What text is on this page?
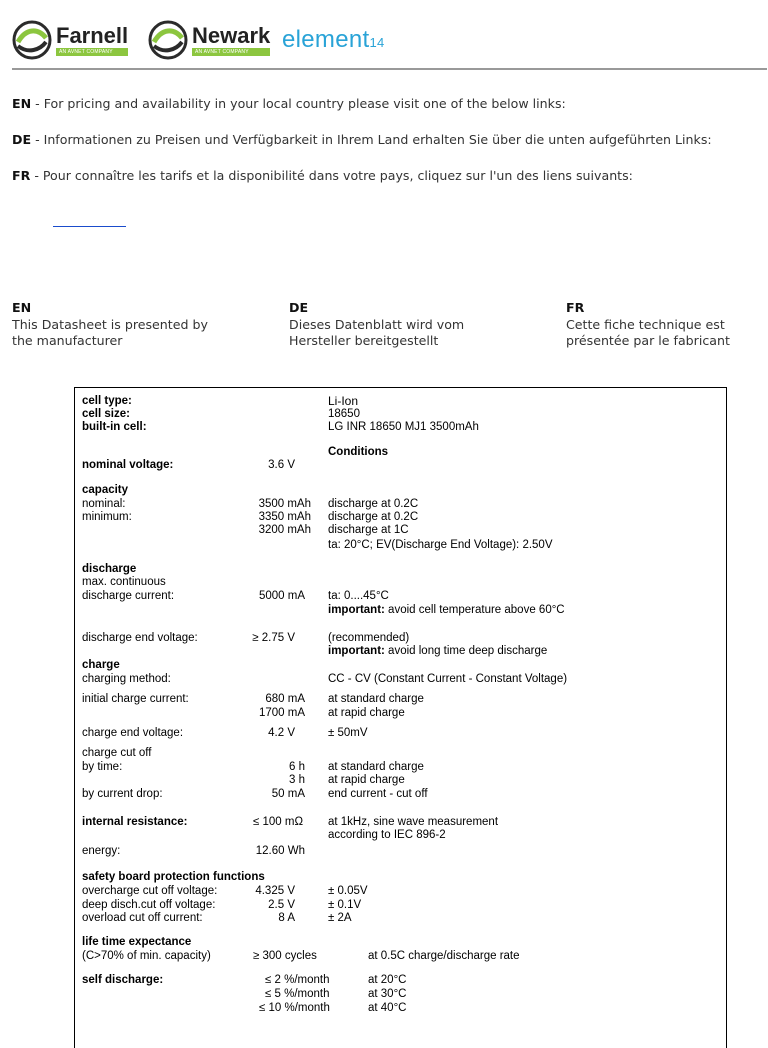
Farnell
AN AVNET COMPANY
Newark
AN AVNET COMPANY	element14
EN - For pricing and availability in your local country please visit one of the below links:
DE - Informationen zu Preisen und Verfügbarkeit in Ihrem Land erhalten Sie über die unten aufgeführten Links:
FR - Pour connaître les tarifs et la disponibilité dans votre pays, cliquez sur l'un des liens suivants:
EN
This Datasheet is presented by
the manufacturer
DE
Dieses Datenblatt wird vom
Hersteller bereitgestellt
FR
Cette fiche technique est
présentée par le fabricant
cell type:	Li-Ion
cell size:	18650
built-in cell:	LG INR 18650 MJ1 3500mAh
Conditions
nominal voltage:	3.6 V
capacity
nominal:	3500 mAh discharge at 0.2C
minimum:	3350 mAh discharge at 0.2C
3200 mAh discharge at 1C
ta: 20°C; EV(Discharge End Voltage): 2.50V
discharge
max. continuous
discharge current:	5000 mA ta: 0....45°C
important: avoid cell temperature above 60°C
discharge end voltage:	≥ 2.75 V	(recommended)
important: avoid long time deep discharge
charge
charging method:	CC - CV (Constant Current - Constant Voltage)
initial charge current:	680 mA at standard charge
1700 mA at rapid charge
charge end voltage:	4.2 V	± 50mV
charge cut off
by time:	6 h at standard charge
3 h at rapid charge
by current drop:	50 mA end current - cut off
internal resistance:	≤ 100 mΩ at 1kHz, sine wave measurement
according to IEC 896-2
energy:	12.60 Wh
safety board protection functions
overcharge cut off voltage:	4.325 V	± 0.05V
deep disch.cut off voltage:	2.5 V	± 0.1V
overload cut off current:	8 A	± 2A
life time expectance
(C>70% of min. capacity)	≥ 300 cycles	at 0.5C charge/discharge rate
self discharge:	≤ 2 %/month	at 20°C
≤ 5 %/month	at 30°C
≤ 10 %/month	at 40°C
